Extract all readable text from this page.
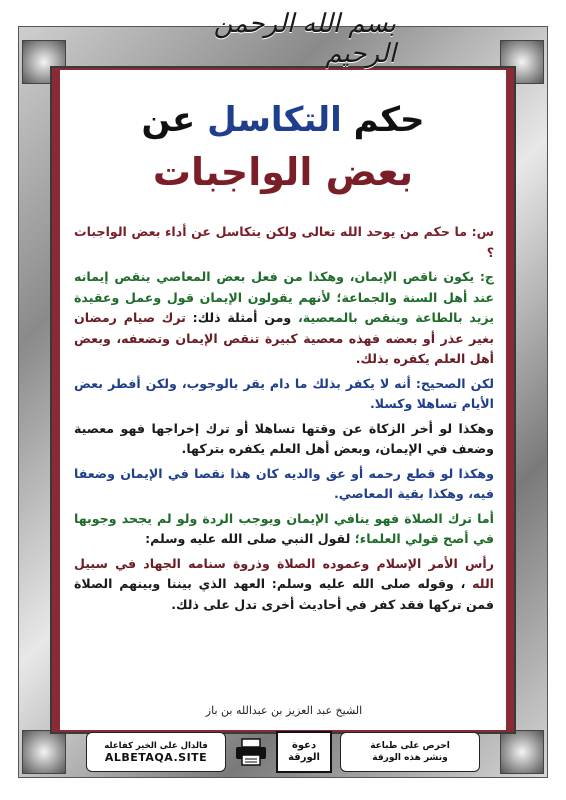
بسم الله الرحمن الرحيم
حكم التكاسل عن
بعض الواجبات

س: ما حكم من يوحد الله تعالى ولكن يتكاسل عن أداء بعض الواجبات ؟

ج: يكون ناقص الإيمان، وهكذا من فعل بعض المعاصي ينقص إيمانه عند أهل السنة والجماعة؛ لأنهم يقولون الإيمان قول وعمل وعقيدة يزيد بالطاعة وينقص بالمعصية، ومن أمثلة ذلك: ترك صيام رمضان بغير عذر أو بعضه فهذه معصية كبيرة تنقص الإيمان وتضعفه، وبعض أهل العلم يكفره بذلك.

لكن الصحيح: أنه لا يكفر بذلك ما دام يقر بالوجوب، ولكن أفطر بعض الأيام تساهلا وكسلا.

وهكذا لو أخر الزكاة عن وقتها تساهلا أو ترك إخراجها فهو معصية وضعف في الإيمان، وبعض أهل العلم يكفره بتركها.

وهكذا لو قطع رحمه أو عق والديه كان هذا نقصا في الإيمان وضعفا فيه، وهكذا بقية المعاصي.

أما ترك الصلاة فهو ينافي الإيمان ويوجب الردة ولو لم يجحد وجوبها في أصح قولي العلماء؛ لقول النبي صلى الله عليه وسلم:

رأس الأمر الإسلام وعموده الصلاة وذروة سنامه الجهاد في سبيل الله ، وقوله صلى الله عليه وسلم: العهد الذي بيننا وبينهم الصلاة فمن تركها فقد كفر في أحاديث أخرى تدل على ذلك.

الشيخ عبد العزيز بن عبدالله بن باز
فالدال على الخير كفاعله
ALBETAQA.SITE
دعوة
الورقة
احرص على طباعة
ونشر هذه الورقة
